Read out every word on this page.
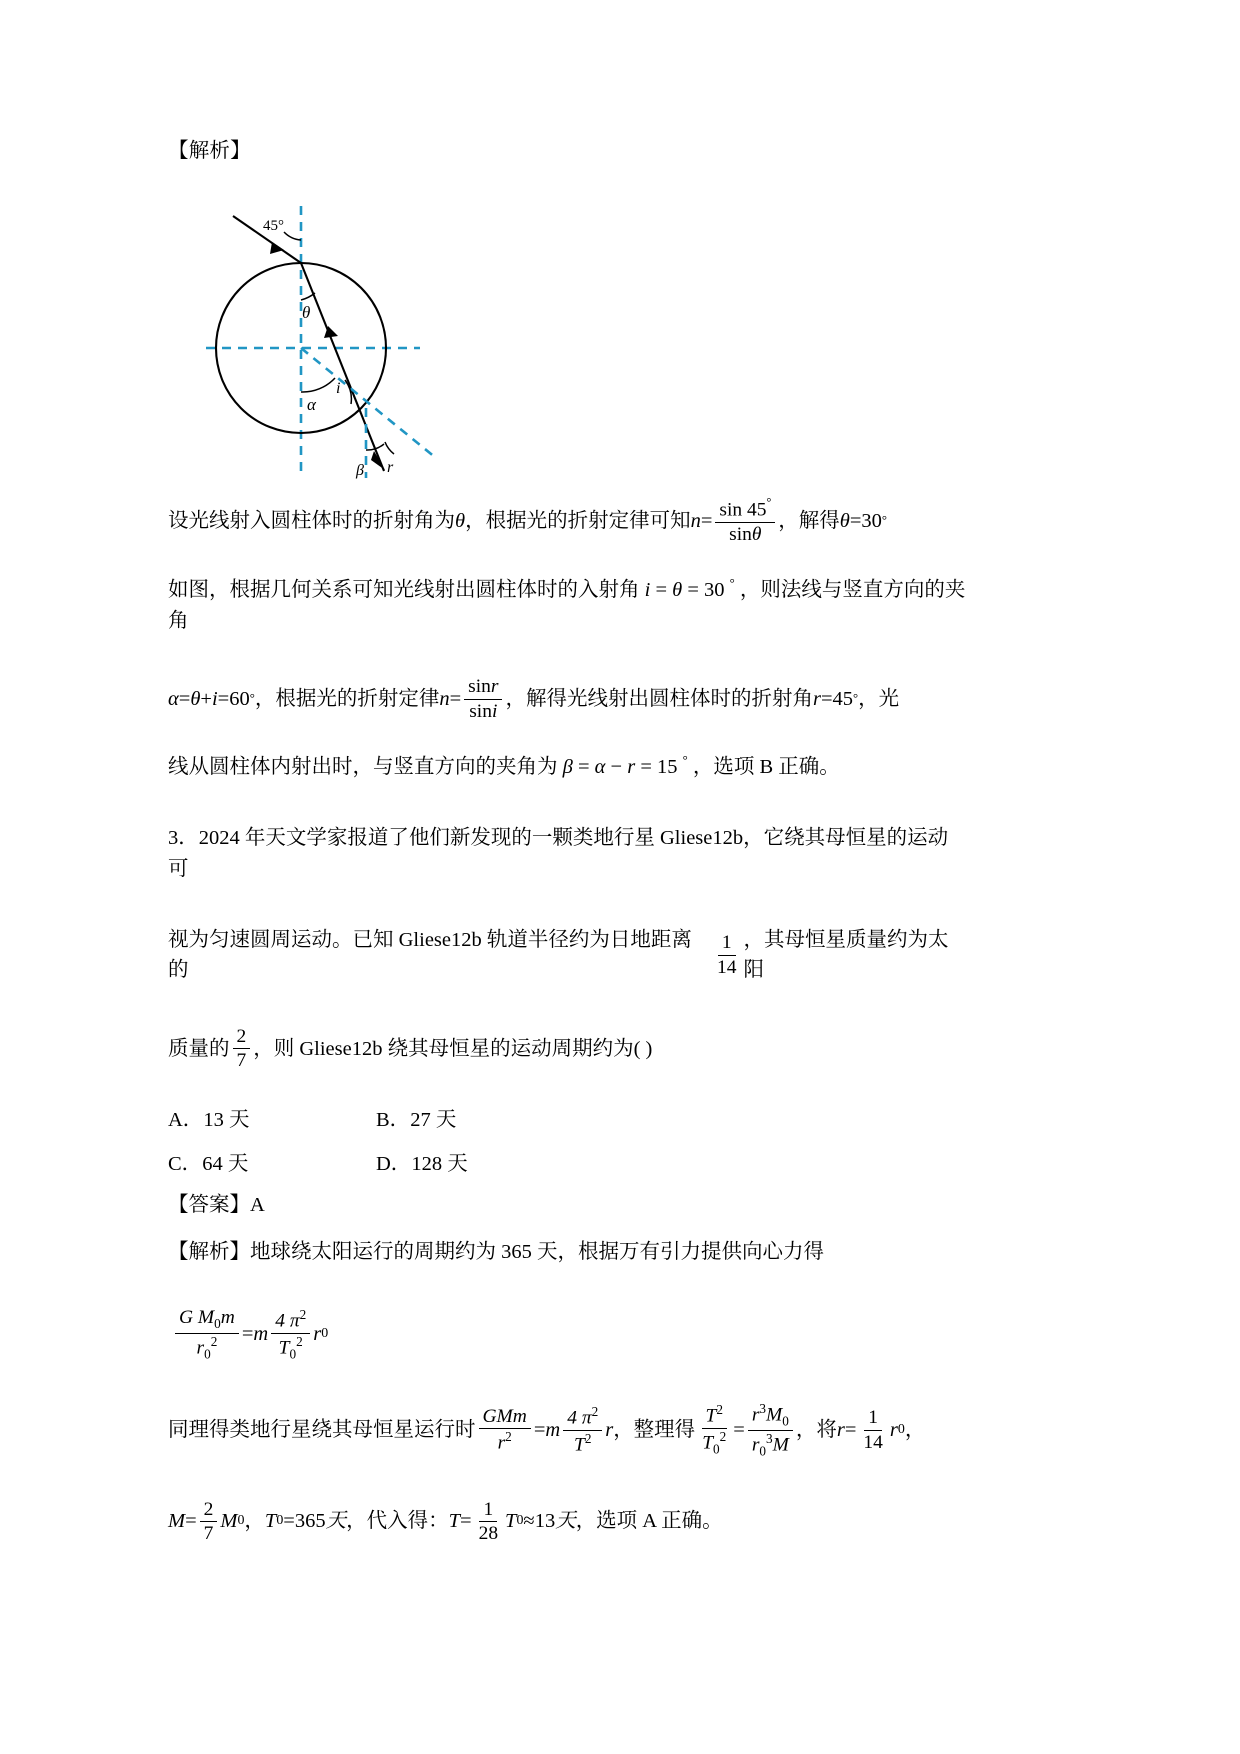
【解析】
45°
θ
α
i
β r
设光线射入圆柱体时的折射角为 θ ，根据光的折射定律可知 $n = \frac{\sin 45^\circ}{\sin\theta}$ ，解得 θ = 30 °
如图，根据几何关系可知光线射出圆柱体时的入射角 i = θ = 30 ° ，则法线与竖直方向的夹角
α = θ + i = 60 ° ，根据光的折射定律 $n = \frac{\sin r}{\sin i}$ ，解得光线射出圆柱体时的折射角 r = 45 ° ，光
线从圆柱体内射出时，与竖直方向的夹角为 β = α − r = 15 ° ，选项 B 正确。
3．2024 年天文学家报道了他们新发现的一颗类地行星 Gliese12b，它绕其母恒星的运动可
视为匀速圆周运动。已知 Gliese12b 轨道半径约为日地距离的	$\frac{1}{14}$ ，其母恒星质量约为太阳
质量的 $\frac{2}{7}$ ，则 Gliese12b 绕其母恒星的运动周期约为( )
A．13 天	B．27 天
C．64 天	D．128 天
【答案】A
【解析】地球绕太阳运行的周期约为 365 天，根据万有引力提供向心力得
$\frac{G M_0m}{r_0^2} = m \frac{4 \pi^2}{T_0^2}$ r 0
同理得类地行星绕其母恒星运行时 $\frac{\text{GMm}}{r^2} = m \frac{4 \pi^2}{T^2}$ r ，整理得 $\frac{T^2}{T_0^2} = \frac{r^3M_0}{r_0^3M}$ ，将 $r = \frac{1}{14}$ r 0 ，
$M = \frac{2}{7}$ M 0 ， T 0 = 365 天 ，代入得： $T = \frac{1}{28}$ T 0 ≈ 13 天 ，选项 A 正确。
